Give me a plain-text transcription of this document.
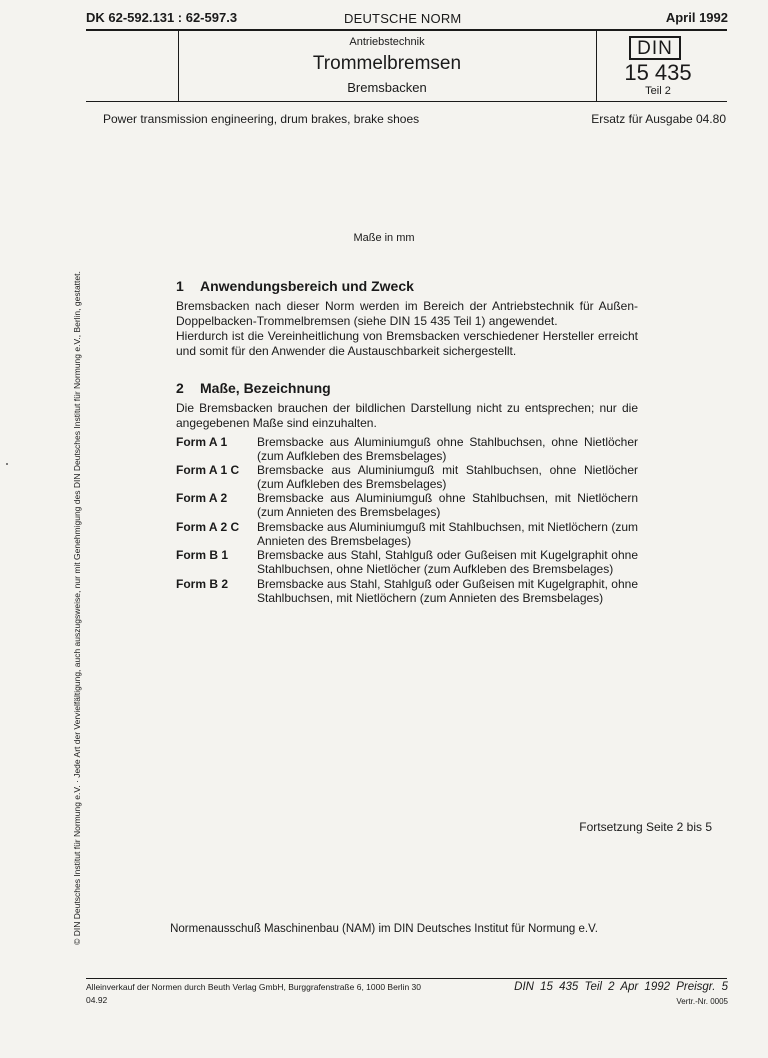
DK 62-592.131 : 62-597.3	DEUTSCHE NORM	April 1992
Antriebstechnik
Trommelbremsen
Bremsbacken
DIN
15 435
Teil 2
Power transmission engineering, drum brakes, brake shoes	Ersatz für Ausgabe 04.80
© DIN Deutsches Institut für Normung e.V. · Jede Art der Vervielfältigung, auch auszugsweise, nur mit Genehmigung des DIN Deutsches Institut für Normung e.V., Berlin, gestattet.
Maße in mm
1 Anwendungsbereich und Zweck
Bremsbacken nach dieser Norm werden im Bereich der Antriebstechnik für Außen-Doppelbacken-Trommelbremsen (siehe DIN 15 435 Teil 1) angewendet.
Hierdurch ist die Vereinheitlichung von Bremsbacken verschiedener Hersteller erreicht und somit für den Anwender die Austauschbarkeit sichergestellt.
2 Maße, Bezeichnung
Die Bremsbacken brauchen der bildlichen Darstellung nicht zu entsprechen; nur die angegebenen Maße sind einzuhalten.
Form A 1 Bremsbacke aus Aluminiumguß ohne Stahlbuchsen, ohne Nietlöcher (zum Aufkleben des Bremsbelages)
Form A 1 C Bremsbacke aus Aluminiumguß mit Stahlbuchsen, ohne Nietlöcher (zum Aufkleben des Bremsbelages)
Form A 2 Bremsbacke aus Aluminiumguß ohne Stahlbuchsen, mit Nietlöchern (zum Annieten des Bremsbelages)
Form A 2 C Bremsbacke aus Aluminiumguß mit Stahlbuchsen, mit Nietlöchern (zum Annieten des Bremsbelages)
Form B 1 Bremsbacke aus Stahl, Stahlguß oder Gußeisen mit Kugelgraphit ohne Stahlbuchsen, ohne Nietlöcher (zum Aufkleben des Bremsbelages)
Form B 2 Bremsbacke aus Stahl, Stahlguß oder Gußeisen mit Kugelgraphit, ohne Stahlbuchsen, mit Nietlöchern (zum Annieten des Bremsbelages)
Fortsetzung Seite 2 bis 5
Normenausschuß Maschinenbau (NAM) im DIN Deutsches Institut für Normung e.V.
Alleinverkauf der Normen durch Beuth Verlag GmbH, Burggrafenstraße 6, 1000 Berlin 30
04.92
DIN 15 435 Teil 2 Apr 1992 Preisgr. 5
Vertr.-Nr. 0005
